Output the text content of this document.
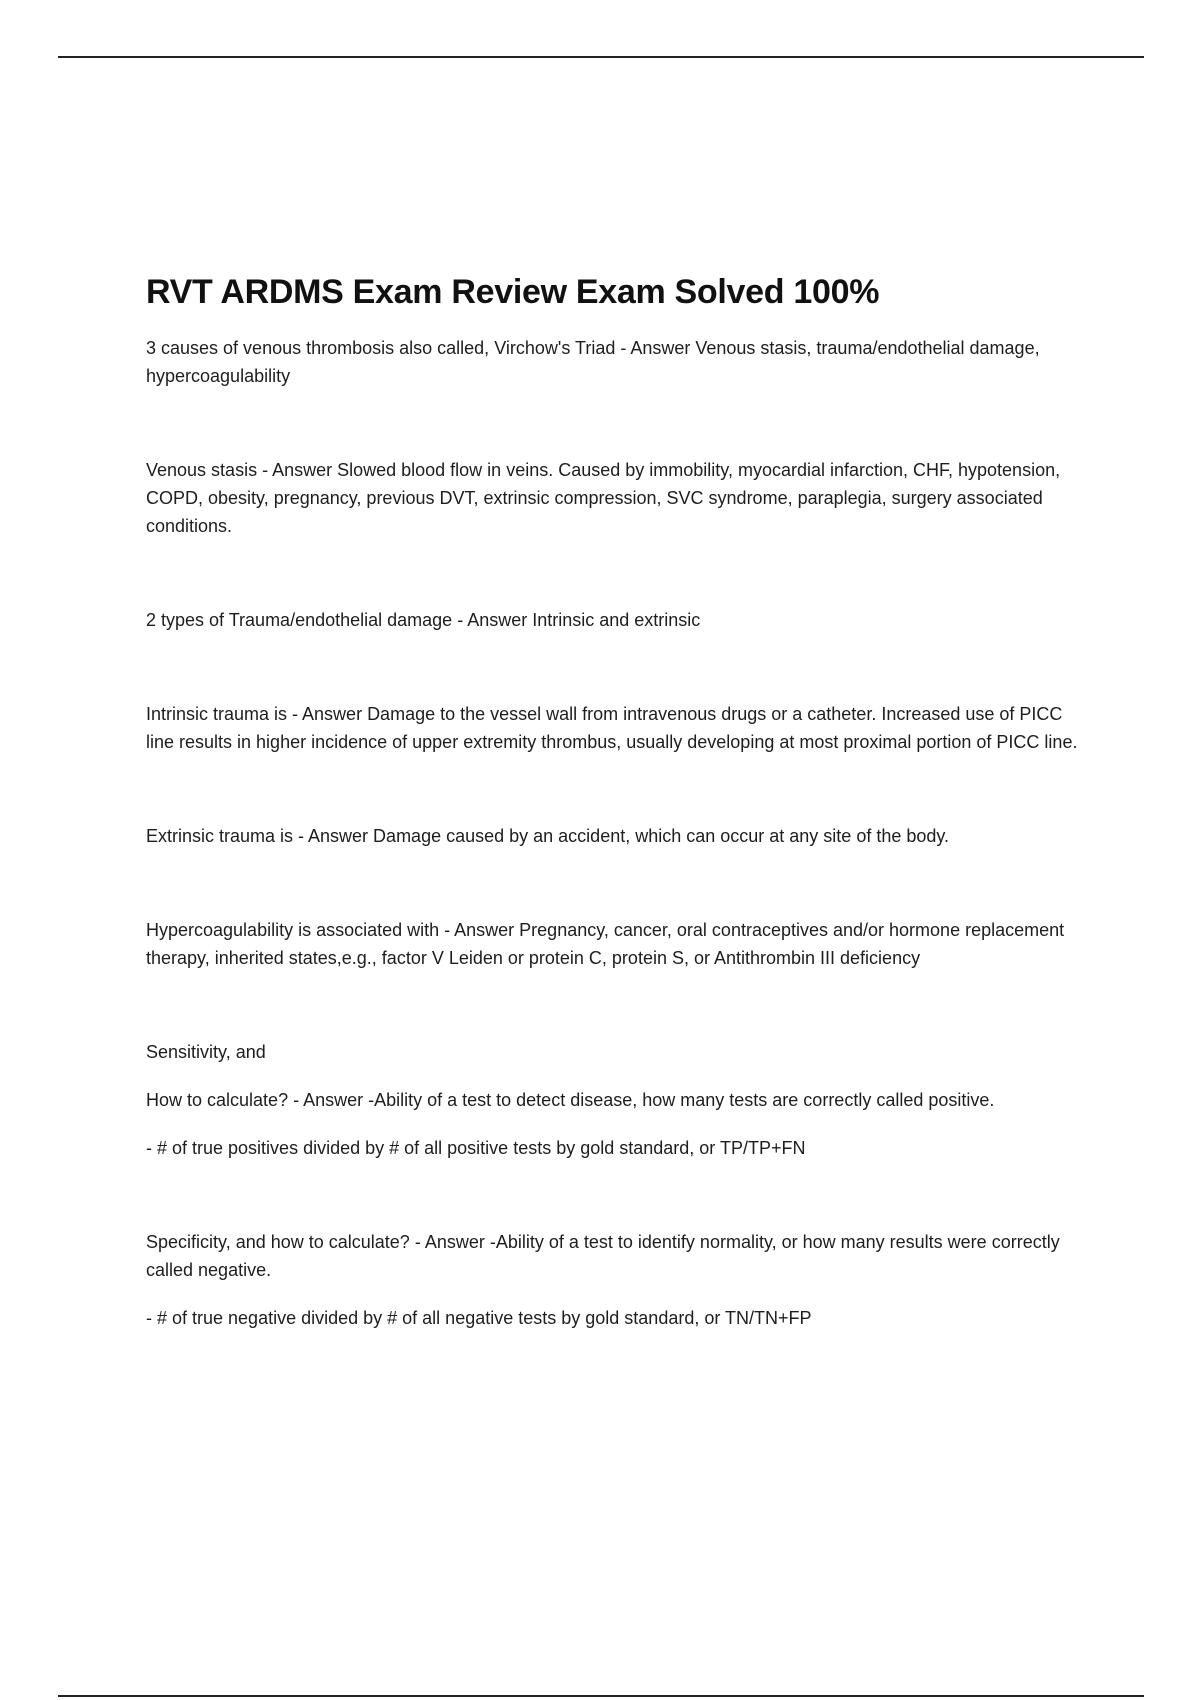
RVT ARDMS Exam Review Exam Solved 100%

3 causes of venous thrombosis also called, Virchow's Triad - Answer Venous stasis, trauma/endothelial damage, hypercoagulability

Venous stasis - Answer Slowed blood flow in veins. Caused by immobility, myocardial infarction, CHF, hypotension, COPD, obesity, pregnancy, previous DVT, extrinsic compression, SVC syndrome, paraplegia, surgery associated conditions.

2 types of Trauma/endothelial damage - Answer Intrinsic and extrinsic

Intrinsic trauma is - Answer Damage to the vessel wall from intravenous drugs or a catheter. Increased use of PICC line results in higher incidence of upper extremity thrombus, usually developing at most proximal portion of PICC line.

Extrinsic trauma is - Answer Damage caused by an accident, which can occur at any site of the body.

Hypercoagulability is associated with - Answer Pregnancy, cancer, oral contraceptives and/or hormone replacement therapy, inherited states,e.g., factor V Leiden or protein C, protein S, or Antithrombin III deficiency

Sensitivity, and

How to calculate? - Answer -Ability of a test to detect disease, how many tests are correctly called positive.

- # of true positives divided by # of all positive tests by gold standard, or TP/TP+FN

Specificity, and how to calculate? - Answer -Ability of a test to identify normality, or how many results were correctly called negative.

- # of true negative divided by # of all negative tests by gold standard, or TN/TN+FP
